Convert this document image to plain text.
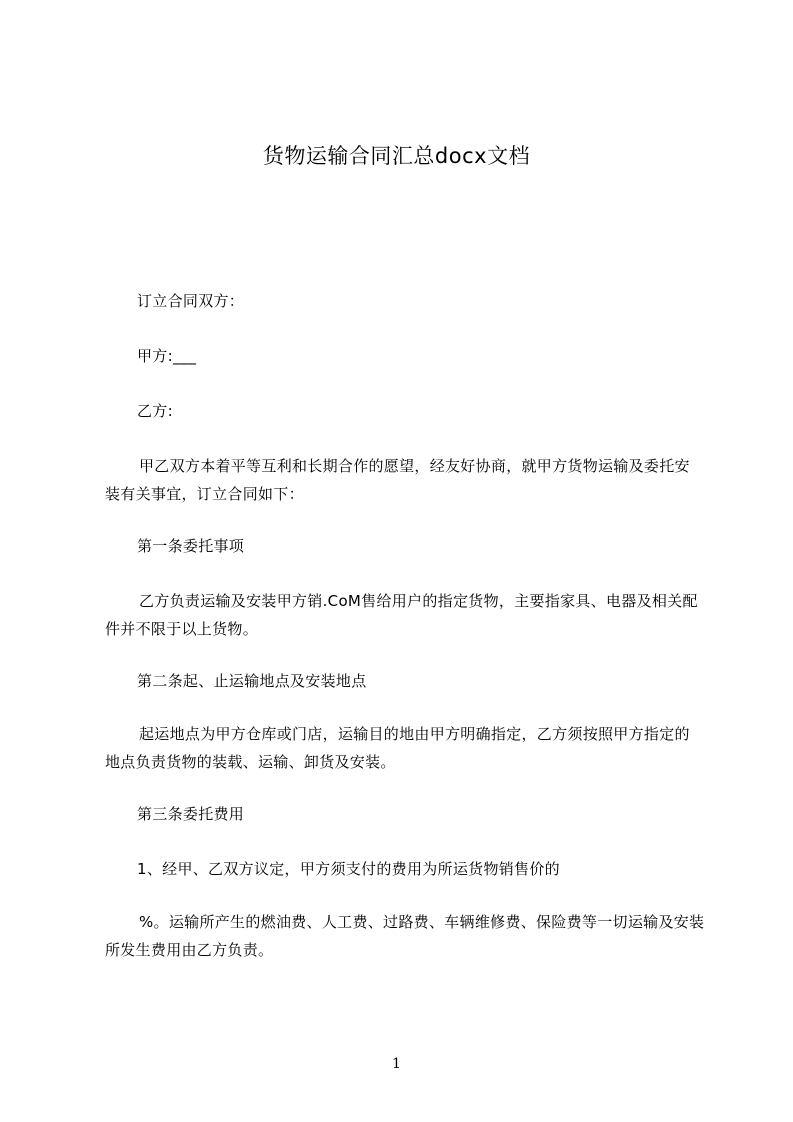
货物运输合同汇总docx文档

订立合同双方：

甲方:___

乙方:

甲乙双方本着平等互利和长期合作的愿望，经友好协商，就甲方货物运输及委托安装有关事宜，订立合同如下：

第一条委托事项

乙方负责运输及安装甲方销.CoM售给用户的指定货物，主要指家具、电器及相关配件并不限于以上货物。

第二条起、止运输地点及安装地点

起运地点为甲方仓库或门店，运输目的地由甲方明确指定，乙方须按照甲方指定的地点负责货物的装载、运输、卸货及安装。

第三条委托费用

1、经甲、乙双方议定，甲方须支付的费用为所运货物销售价的

%。运输所产生的燃油费、人工费、过路费、车辆维修费、保险费等一切运输及安装所发生费用由乙方负责。

1
